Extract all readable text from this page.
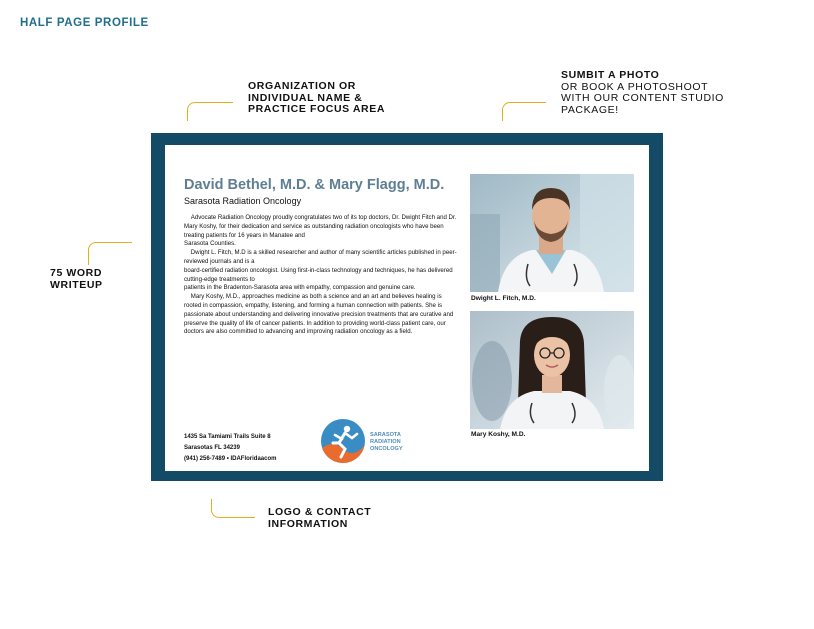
HALF PAGE PROFILE
ORGANIZATION OR
INDIVIDUAL NAME &
PRACTICE FOCUS AREA
SUMBIT A PHOTO
OR BOOK A PHOTOSHOOT
WITH OUR CONTENT STUDIO
PACKAGE!
75 WORD
WRITEUP
LOGO & CONTACT
INFORMATION
David Bethel, M.D. & Mary Flagg, M.D.
Sarasota Radiation Oncology

Advocate Radiation Oncology proudly congratulates two of its top doctors, Dr. Dwight Fitch and Dr. Mary Koshy, for their dedication and service as outstanding radiation oncologists who have been treating patients for 16 years in Manatee and

Sarasota Counties.

Dwight L. Fitch, M.D is a skilled researcher and author of many scientific articles published in peer-reviewed journals and is a

board-certified radiation oncologist. Using first-in-class technology and techniques, he has delivered cutting-edge treatments to

patients in the Bradenton-Sarasota area with empathy, compassion and genuine care.

Mary Koshy, M.D., approaches medicine as both a science and an art and believes healing is rooted in compassion, empathy, listening, and forming a human connection with patients. She is passionate about understanding and delivering innovative precision treatments that are curative and preserve the quality of life of cancer patients. In addition to providing world-class patient care, our doctors are also committed to advancing and improving radiation oncology as a field.

1435 Sa Tamiami Trails Suite 8
Sarasotas FL 34239
(941) 256-7489 • IDAFloridaacom
SARASOTA
RADIATION
ONCOLOGY
Dwight L. Fitch, M.D.
Mary Koshy, M.D.
